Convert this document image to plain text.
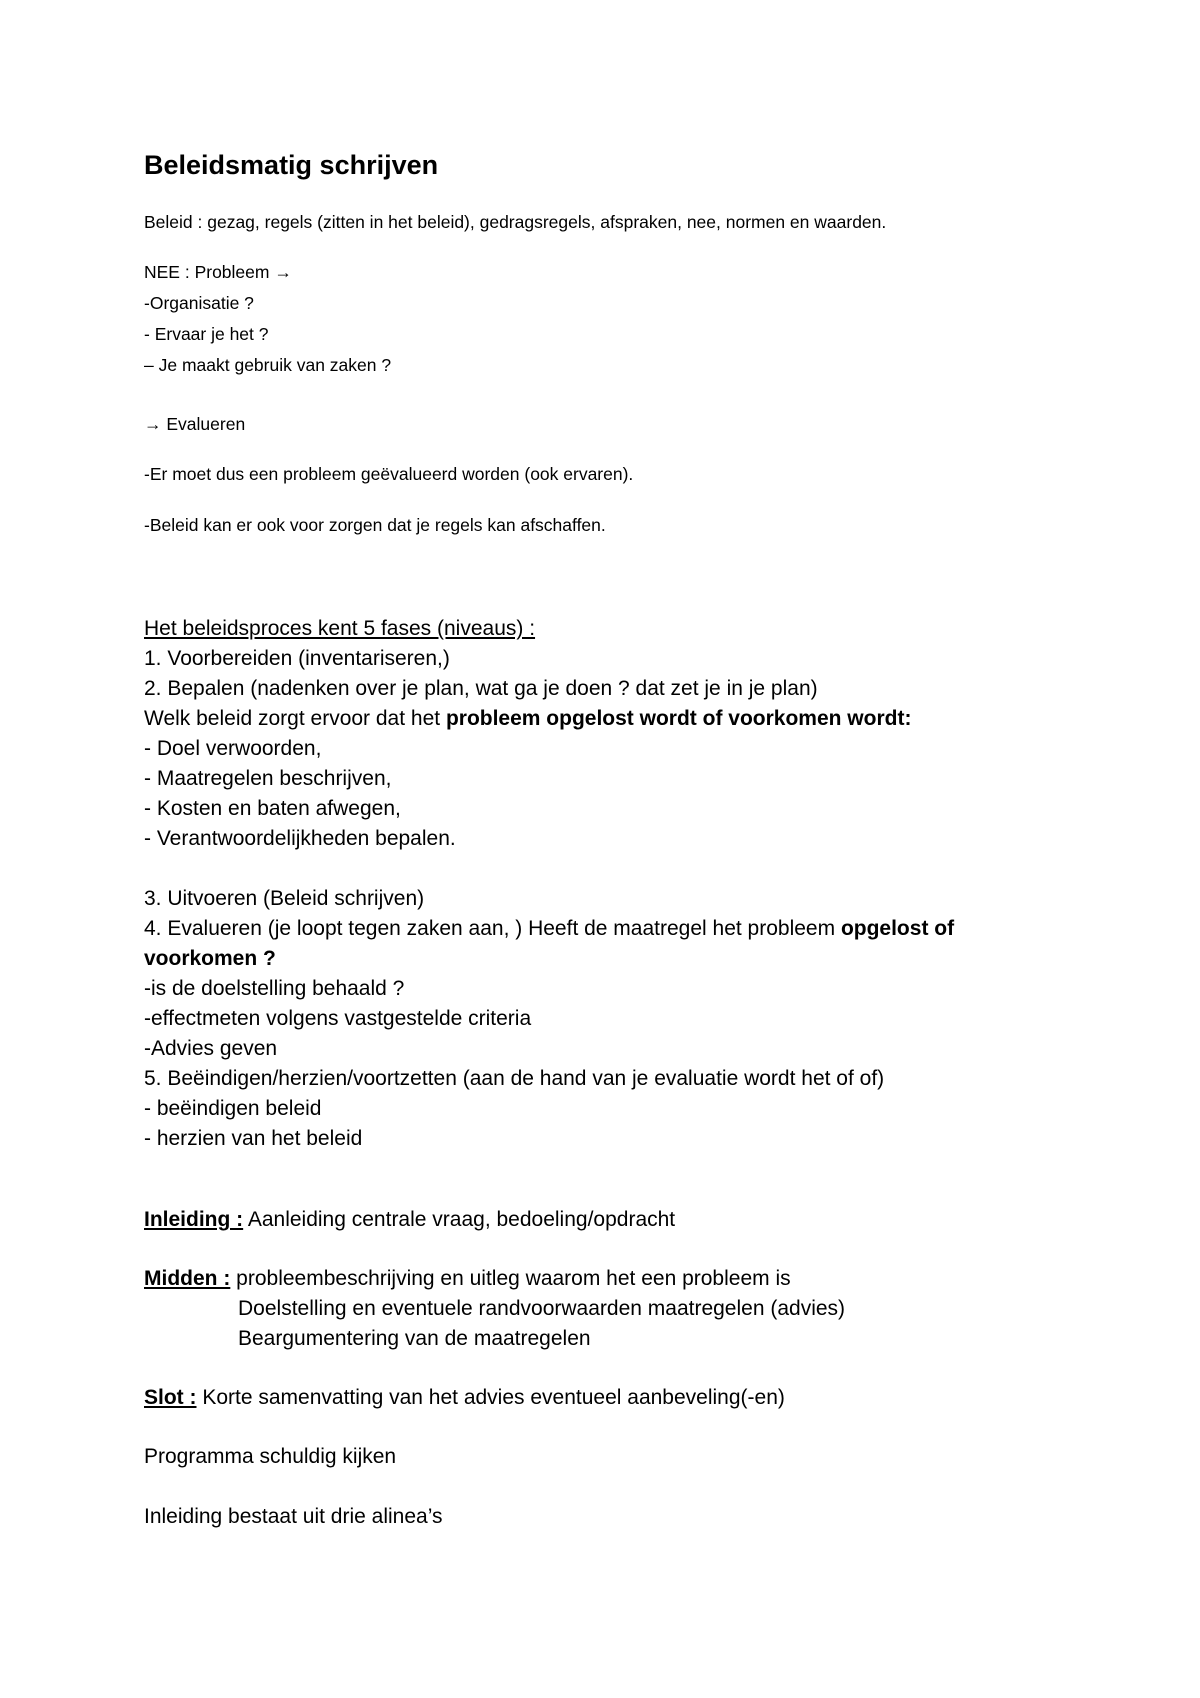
Beleidsmatig schrijven
Beleid : gezag, regels (zitten in het beleid), gedragsregels, afspraken, nee, normen en waarden.
NEE : Probleem →
-Organisatie ?
- Ervaar je het ?
– Je maakt gebruik van zaken ?
→ Evalueren
-Er moet dus een probleem geëvalueerd worden (ook ervaren).
-Beleid kan er ook voor zorgen dat je regels kan afschaffen.
Het beleidsproces kent 5 fases (niveaus) :
1. Voorbereiden (inventariseren,)
2. Bepalen (nadenken over je plan, wat ga je doen ? dat zet je in je plan)
Welk beleid zorgt ervoor dat het probleem opgelost wordt of voorkomen wordt:
- Doel verwoorden,
- Maatregelen beschrijven,
- Kosten en baten afwegen,
- Verantwoordelijkheden bepalen.

3. Uitvoeren (Beleid schrijven)
4. Evalueren (je loopt tegen zaken aan, ) Heeft de maatregel het probleem opgelost of
voorkomen ?
-is de doelstelling behaald ?
-effectmeten volgens vastgestelde criteria
-Advies geven
5. Beëindigen/herzien/voortzetten (aan de hand van je evaluatie wordt het of of)
- beëindigen beleid
- herzien van het beleid
Inleiding : Aanleiding centrale vraag, bedoeling/opdracht
Midden : probleembeschrijving en uitleg waarom het een probleem is
Doelstelling en eventuele randvoorwaarden maatregelen (advies)
Beargumentering van de maatregelen
Slot : Korte samenvatting van het advies eventueel aanbeveling(-en)
Programma schuldig kijken
Inleiding bestaat uit drie alinea’s
